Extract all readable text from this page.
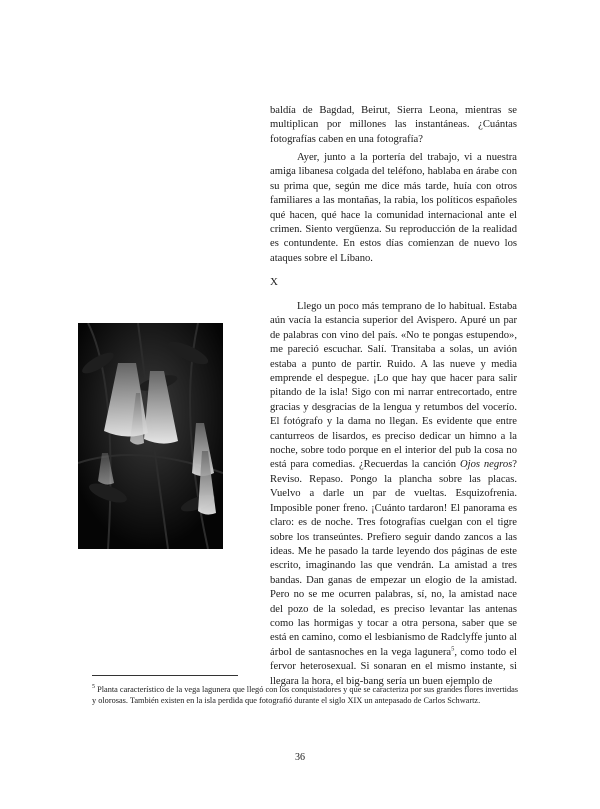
baldía de Bagdad, Beirut, Sierra Leona, mientras se multiplican por millones las instantáneas. ¿Cuántas fotografías caben en una fotografía?

Ayer, junto a la portería del trabajo, vi a nuestra amiga libanesa colgada del teléfono, hablaba en árabe con su prima que, según me dice más tarde, huía con otros familiares a las montañas, la rabia, los políticos españoles qué hacen, qué hace la comunidad internacional ante el crimen. Siento vergüenza. Su reproducción de la realidad es contundente. En estos días comienzan de nuevo los ataques sobre el Líbano.

X

Llego un poco más temprano de lo habitual. Estaba aún vacía la estancia superior del Avispero. Apuré un par de palabras con vino del país. «No te pongas estupendo», me pareció escuchar. Salí. Transitaba a solas, un avión estaba a punto de partir. Ruido. A las nueve y media emprende el despegue. ¡Lo que hay que hacer para salir pitando de la isla! Sigo con mi narrar entrecortado, entre gracias y desgracias de la lengua y retumbos del vocerío. El fotógrafo y la dama no llegan. Es evidente que entre canturreos de lisardos, es preciso dedicar un himno a la noche, sobre todo porque en el interior del pub la cosa no está para comedias. ¿Recuerdas la canción Ojos negros? Reviso. Repaso. Pongo la plancha sobre las placas. Vuelvo a darle un par de vueltas. Esquizofrenia. Imposible poner freno. ¡Cuánto tardaron! El panorama es claro: es de noche. Tres fotografías cuelgan con el tigre sobre los transeúntes. Prefiero seguir dando zancos a las ideas. Me he pasado la tarde leyendo dos páginas de este escrito, imaginando las que vendrán. La amistad a tres bandas. Dan ganas de empezar un elogio de la amistad. Pero no se me ocurren palabras, sí, no, la amistad nace del pozo de la soledad, es preciso levantar las antenas como las hormigas y tocar a otra persona, saber que se está en camino, como el lesbianismo de Radclyffe junto al árbol de santasnoches en la vega lagunera$^5$, como todo el fervor heterosexual. Si sonaran en el mismo instante, si llegara la hora, el big-bang sería un buen ejemplo de

$^5$ Planta característico de la vega lagunera que llegó con los conquistadores y que se caracteriza por sus grandes flores invertidas y olorosas. También existen en la isla perdida que fotografió durante el siglo XIX un antepasado de Carlos Schwartz.
36
